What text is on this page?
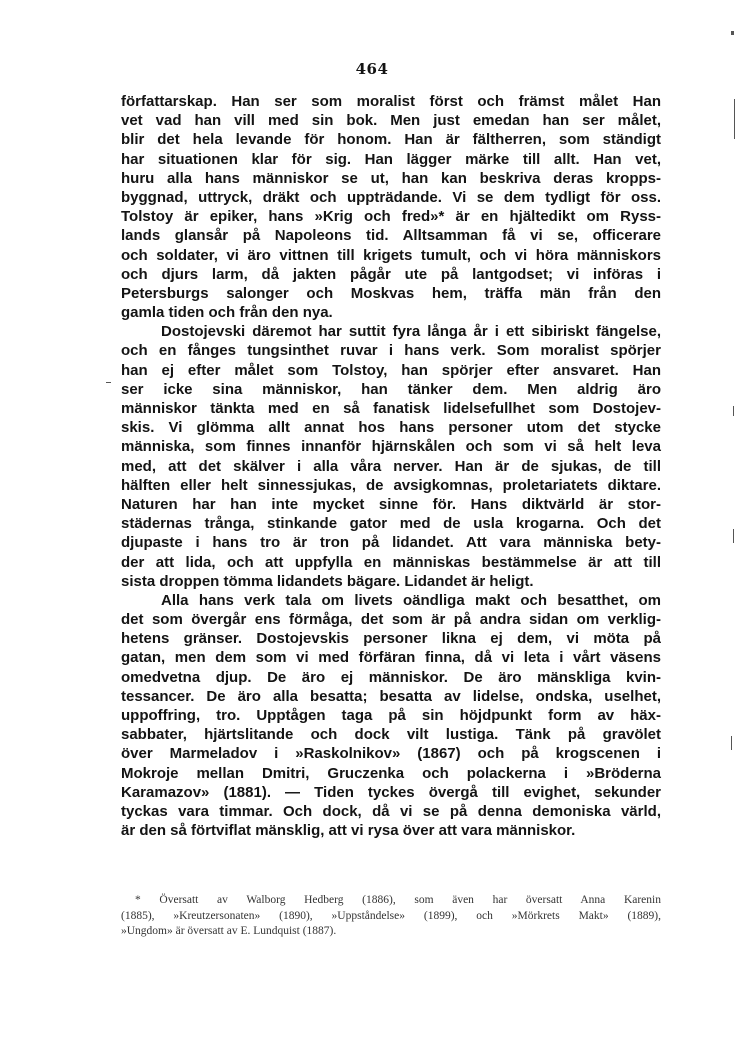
464
författarskap. Han ser som moralist först och främst målet Han
vet vad han vill med sin bok. Men just emedan han ser målet,
blir det hela levande för honom. Han är fältherren, som ständigt
har situationen klar för sig. Han lägger märke till allt. Han vet,
huru alla hans människor se ut, han kan beskriva deras kropps-
byggnad, uttryck, dräkt och uppträdande. Vi se dem tydligt för oss.
Tolstoy är epiker, hans »Krig och fred»* är en hjältedikt om Ryss-
lands glansår på Napoleons tid. Alltsamman få vi se, officerare
och soldater, vi äro vittnen till krigets tumult, och vi höra människors
och djurs larm, då jakten pågår ute på lantgodset; vi införas i
Petersburgs salonger och Moskvas hem, träffa män från den
gamla tiden och från den nya.
Dostojevski däremot har suttit fyra långa år i ett sibiriskt fängelse,
och en fånges tungsinthet ruvar i hans verk. Som moralist spörjer
han ej efter målet som Tolstoy, han spörjer efter ansvaret. Han
ser icke sina människor, han tänker dem. Men aldrig äro
människor tänkta med en så fanatisk lidelsefullhet som Dostojev-
skis. Vi glömma allt annat hos hans personer utom det stycke
människa, som finnes innanför hjärnskålen och som vi så helt leva
med, att det skälver i alla våra nerver. Han är de sjukas, de till
hälften eller helt sinnessjukas, de avsigkomnas, proletariatets diktare.
Naturen har han inte mycket sinne för. Hans diktvärld är stor-
städernas trånga, stinkande gator med de usla krogarna. Och det
djupaste i hans tro är tron på lidandet. Att vara människa bety-
der att lida, och att uppfylla en människas bestämmelse är att till
sista droppen tömma lidandets bägare. Lidandet är heligt.
Alla hans verk tala om livets oändliga makt och besatthet, om
det som övergår ens förmåga, det som är på andra sidan om verklig-
hetens gränser. Dostojevskis personer likna ej dem, vi möta på
gatan, men dem som vi med förfäran finna, då vi leta i vårt väsens
omedvetna djup. De äro ej människor. De äro mänskliga kvin-
tessancer. De äro alla besatta; besatta av lidelse, ondska, uselhet,
uppoffring, tro. Upptågen taga på sin höjdpunkt form av häx-
sabbater, hjärtslitande och dock vilt lustiga. Tänk på gravölet
över Marmeladov i »Raskolnikov» (1867) och på krogscenen i
Mokroje mellan Dmitri, Gruczenka och polackerna i »Bröderna
Karamazov» (1881). — Tiden tyckes övergå till evighet, sekunder
tyckas vara timmar. Och dock, då vi se på denna demoniska värld,
är den så förtviflat mänsklig, att vi rysa över att vara människor.
* Översatt av Walborg Hedberg (1886), som även har översatt Anna Karenin
(1885), »Kreutzersonaten» (1890), »Uppståndelse» (1899), och »Mörkrets Makt» (1889),
»Ungdom» är översatt av E. Lundquist (1887).
